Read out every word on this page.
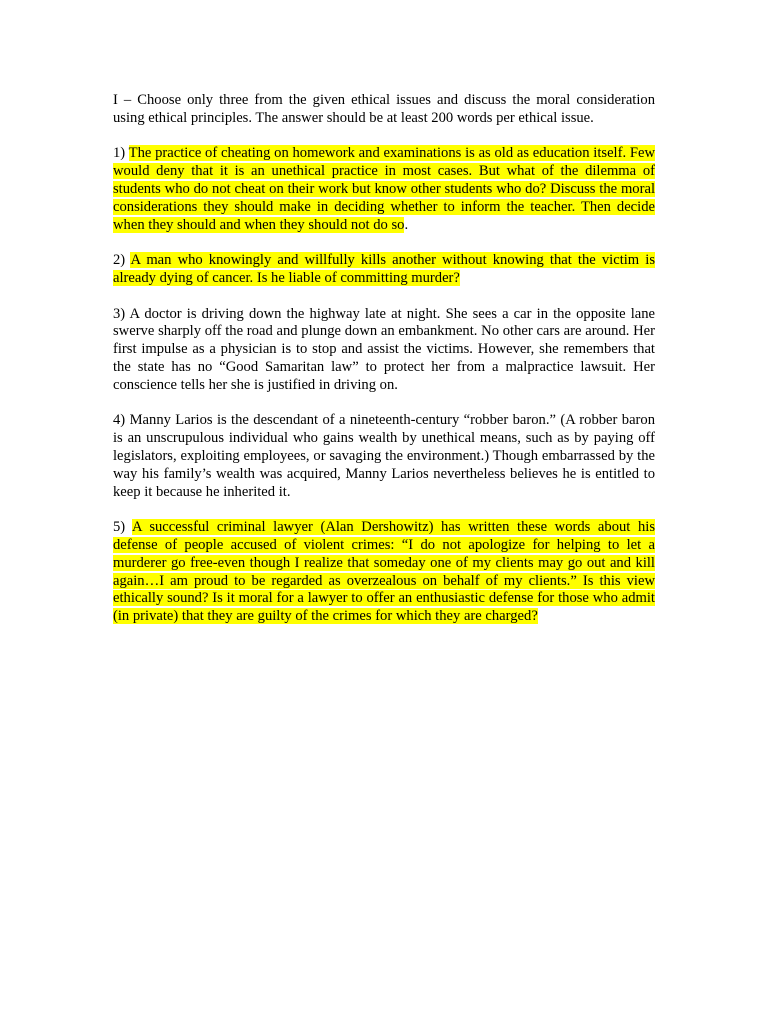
I – Choose only three from the given ethical issues and discuss the moral consideration using ethical principles. The answer should be at least 200 words per ethical issue.

1) The practice of cheating on homework and examinations is as old as education itself. Few would deny that it is an unethical practice in most cases. But what of the dilemma of students who do not cheat on their work but know other students who do? Discuss the moral considerations they should make in deciding whether to inform the teacher. Then decide when they should and when they should not do so.

2) A man who knowingly and willfully kills another without knowing that the victim is already dying of cancer. Is he liable of committing murder?

3) A doctor is driving down the highway late at night. She sees a car in the opposite lane swerve sharply off the road and plunge down an embankment. No other cars are around. Her first impulse as a physician is to stop and assist the victims. However, she remembers that the state has no “Good Samaritan law” to protect her from a malpractice lawsuit. Her conscience tells her she is justified in driving on.

4) Manny Larios is the descendant of a nineteenth-century “robber baron.” (A robber baron is an unscrupulous individual who gains wealth by unethical means, such as by paying off legislators, exploiting employees, or savaging the environment.) Though embarrassed by the way his family’s wealth was acquired, Manny Larios nevertheless believes he is entitled to keep it because he inherited it.

5) A successful criminal lawyer (Alan Dershowitz) has written these words about his defense of people accused of violent crimes: “I do not apologize for helping to let a murderer go free-even though I realize that someday one of my clients may go out and kill again…I am proud to be regarded as overzealous on behalf of my clients.” Is this view ethically sound? Is it moral for a lawyer to offer an enthusiastic defense for those who admit (in private) that they are guilty of the crimes for which they are charged?
